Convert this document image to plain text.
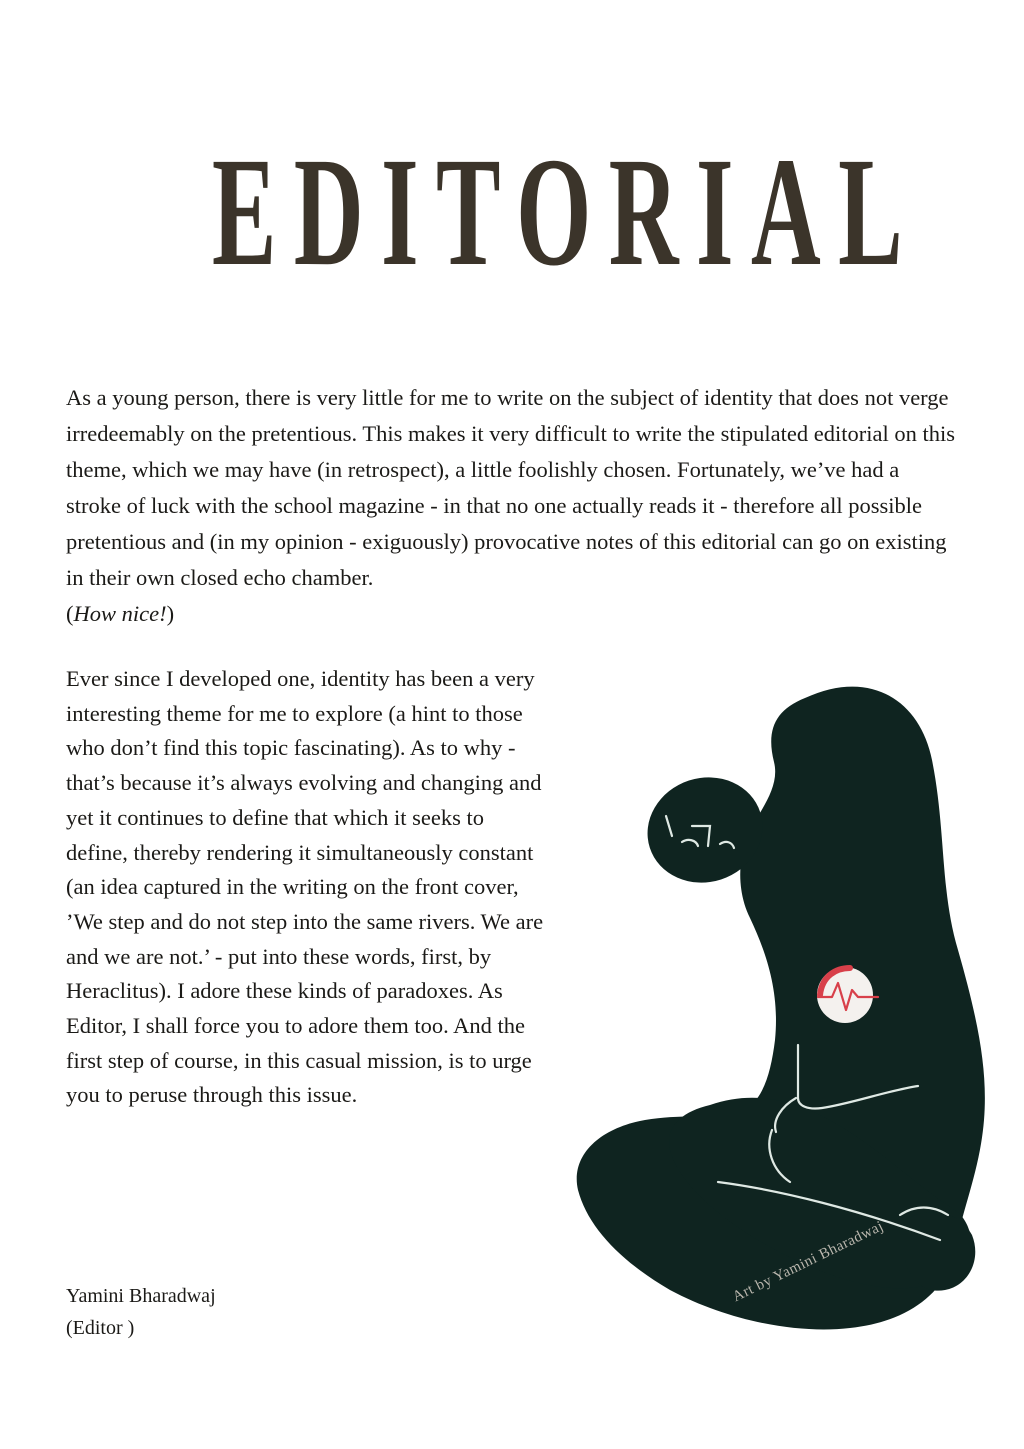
EDITORIAL

As a young person, there is very little for me to write on the subject of identity that does not verge irredeemably on the pretentious. This makes it very difficult to write the stipulated editorial on this theme, which we may have (in retrospect), a little foolishly chosen. Fortunately, we’ve had a stroke of luck with the school magazine - in that no one actually reads it - therefore all possible pretentious and (in my opinion - exiguously) provocative notes of this editorial can go on existing in their own closed echo chamber.
(How nice!)

Ever since I developed one, identity has been a very interesting theme for me to explore (a hint to those who don’t find this topic fascinating). As to why - that’s because it’s always evolving and changing and yet it continues to define that which it seeks to define, thereby rendering it simultaneously constant (an idea captured in the writing on the front cover, ’We step and do not step into the same rivers. We are and we are not.’ - put into these words, first, by Heraclitus). I adore these kinds of paradoxes. As Editor, I shall force you to adore them too. And the first step of course, in this casual mission, is to urge you to peruse through this issue.

Yamini Bharadwaj
(Editor )
Art by Yamini Bharadwaj
